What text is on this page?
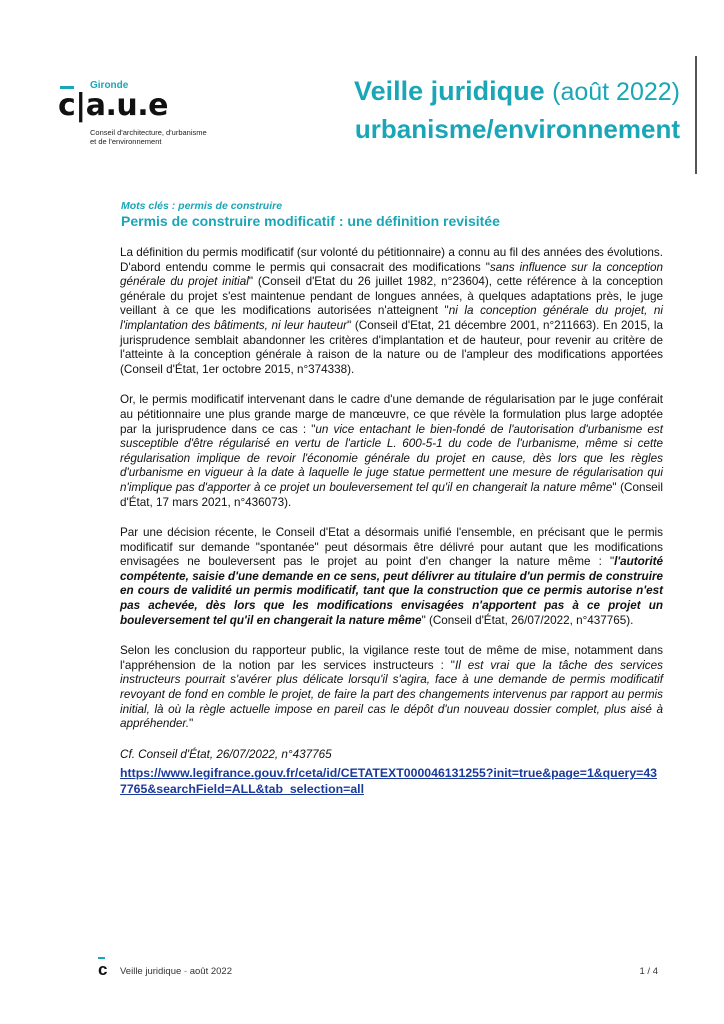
Gironde
c|a.u.e
Conseil d'architecture, d'urbanisme
et de l'environnement
Veille juridique (août 2022)
urbanisme/environnement
Mots clés : permis de construire
Permis de construire modificatif : une définition revisitée

La définition du permis modificatif (sur volonté du pétitionnaire) a connu au fil des années des évolutions. D'abord entendu comme le permis qui consacrait des modifications "sans influence sur la conception générale du projet initial" (Conseil d'Etat du 26 juillet 1982, n°23604), cette référence à la conception générale du projet s'est maintenue pendant de longues années, à quelques adaptations près, le juge veillant à ce que les modifications autorisées n'atteignent "ni la conception générale du projet, ni l'implantation des bâtiments, ni leur hauteur" (Conseil d'Etat, 21 décembre 2001, n°211663). En 2015, la jurisprudence semblait abandonner les critères d'implantation et de hauteur, pour revenir au critère de l'atteinte à la conception générale à raison de la nature ou de l'ampleur des modifications apportées (Conseil d'État, 1er octobre 2015, n°374338).

Or, le permis modificatif intervenant dans le cadre d'une demande de régularisation par le juge conférait au pétitionnaire une plus grande marge de manœuvre, ce que révèle la formulation plus large adoptée par la jurisprudence dans ce cas : "un vice entachant le bien-fondé de l'autorisation d'urbanisme est susceptible d'être régularisé en vertu de l'article L. 600-5-1 du code de l'urbanisme, même si cette régularisation implique de revoir l'économie générale du projet en cause, dès lors que les règles d'urbanisme en vigueur à la date à laquelle le juge statue permettent une mesure de régularisation qui n'implique pas d'apporter à ce projet un bouleversement tel qu'il en changerait la nature même" (Conseil d'État, 17 mars 2021, n°436073).

Par une décision récente, le Conseil d'Etat a désormais unifié l'ensemble, en précisant que le permis modificatif sur demande "spontanée" peut désormais être délivré pour autant que les modifications envisagées ne bouleversent pas le projet au point d'en changer la nature même : "l'autorité compétente, saisie d'une demande en ce sens, peut délivrer au titulaire d'un permis de construire en cours de validité un permis modificatif, tant que la construction que ce permis autorise n'est pas achevée, dès lors que les modifications envisagées n'apportent pas à ce projet un bouleversement tel qu'il en changerait la nature même" (Conseil d'État, 26/07/2022, n°437765).

Selon les conclusion du rapporteur public, la vigilance reste tout de même de mise, notamment dans l'appréhension de la notion par les services instructeurs : "Il est vrai que la tâche des services instructeurs pourrait s'avérer plus délicate lorsqu'il s'agira, face à une demande de permis modificatif revoyant de fond en comble le projet, de faire la part des changements intervenus par rapport au permis initial, là où la règle actuelle impose en pareil cas le dépôt d'un nouveau dossier complet, plus aisé à appréhender."

Cf. Conseil d'État, 26/07/2022, n°437765
https://www.legifrance.gouv.fr/ceta/id/CETATEXT000046131255?init=true&page=1&query=437765&searchField=ALL&tab_selection=all
c Veille juridique - août 2022	1 / 4
